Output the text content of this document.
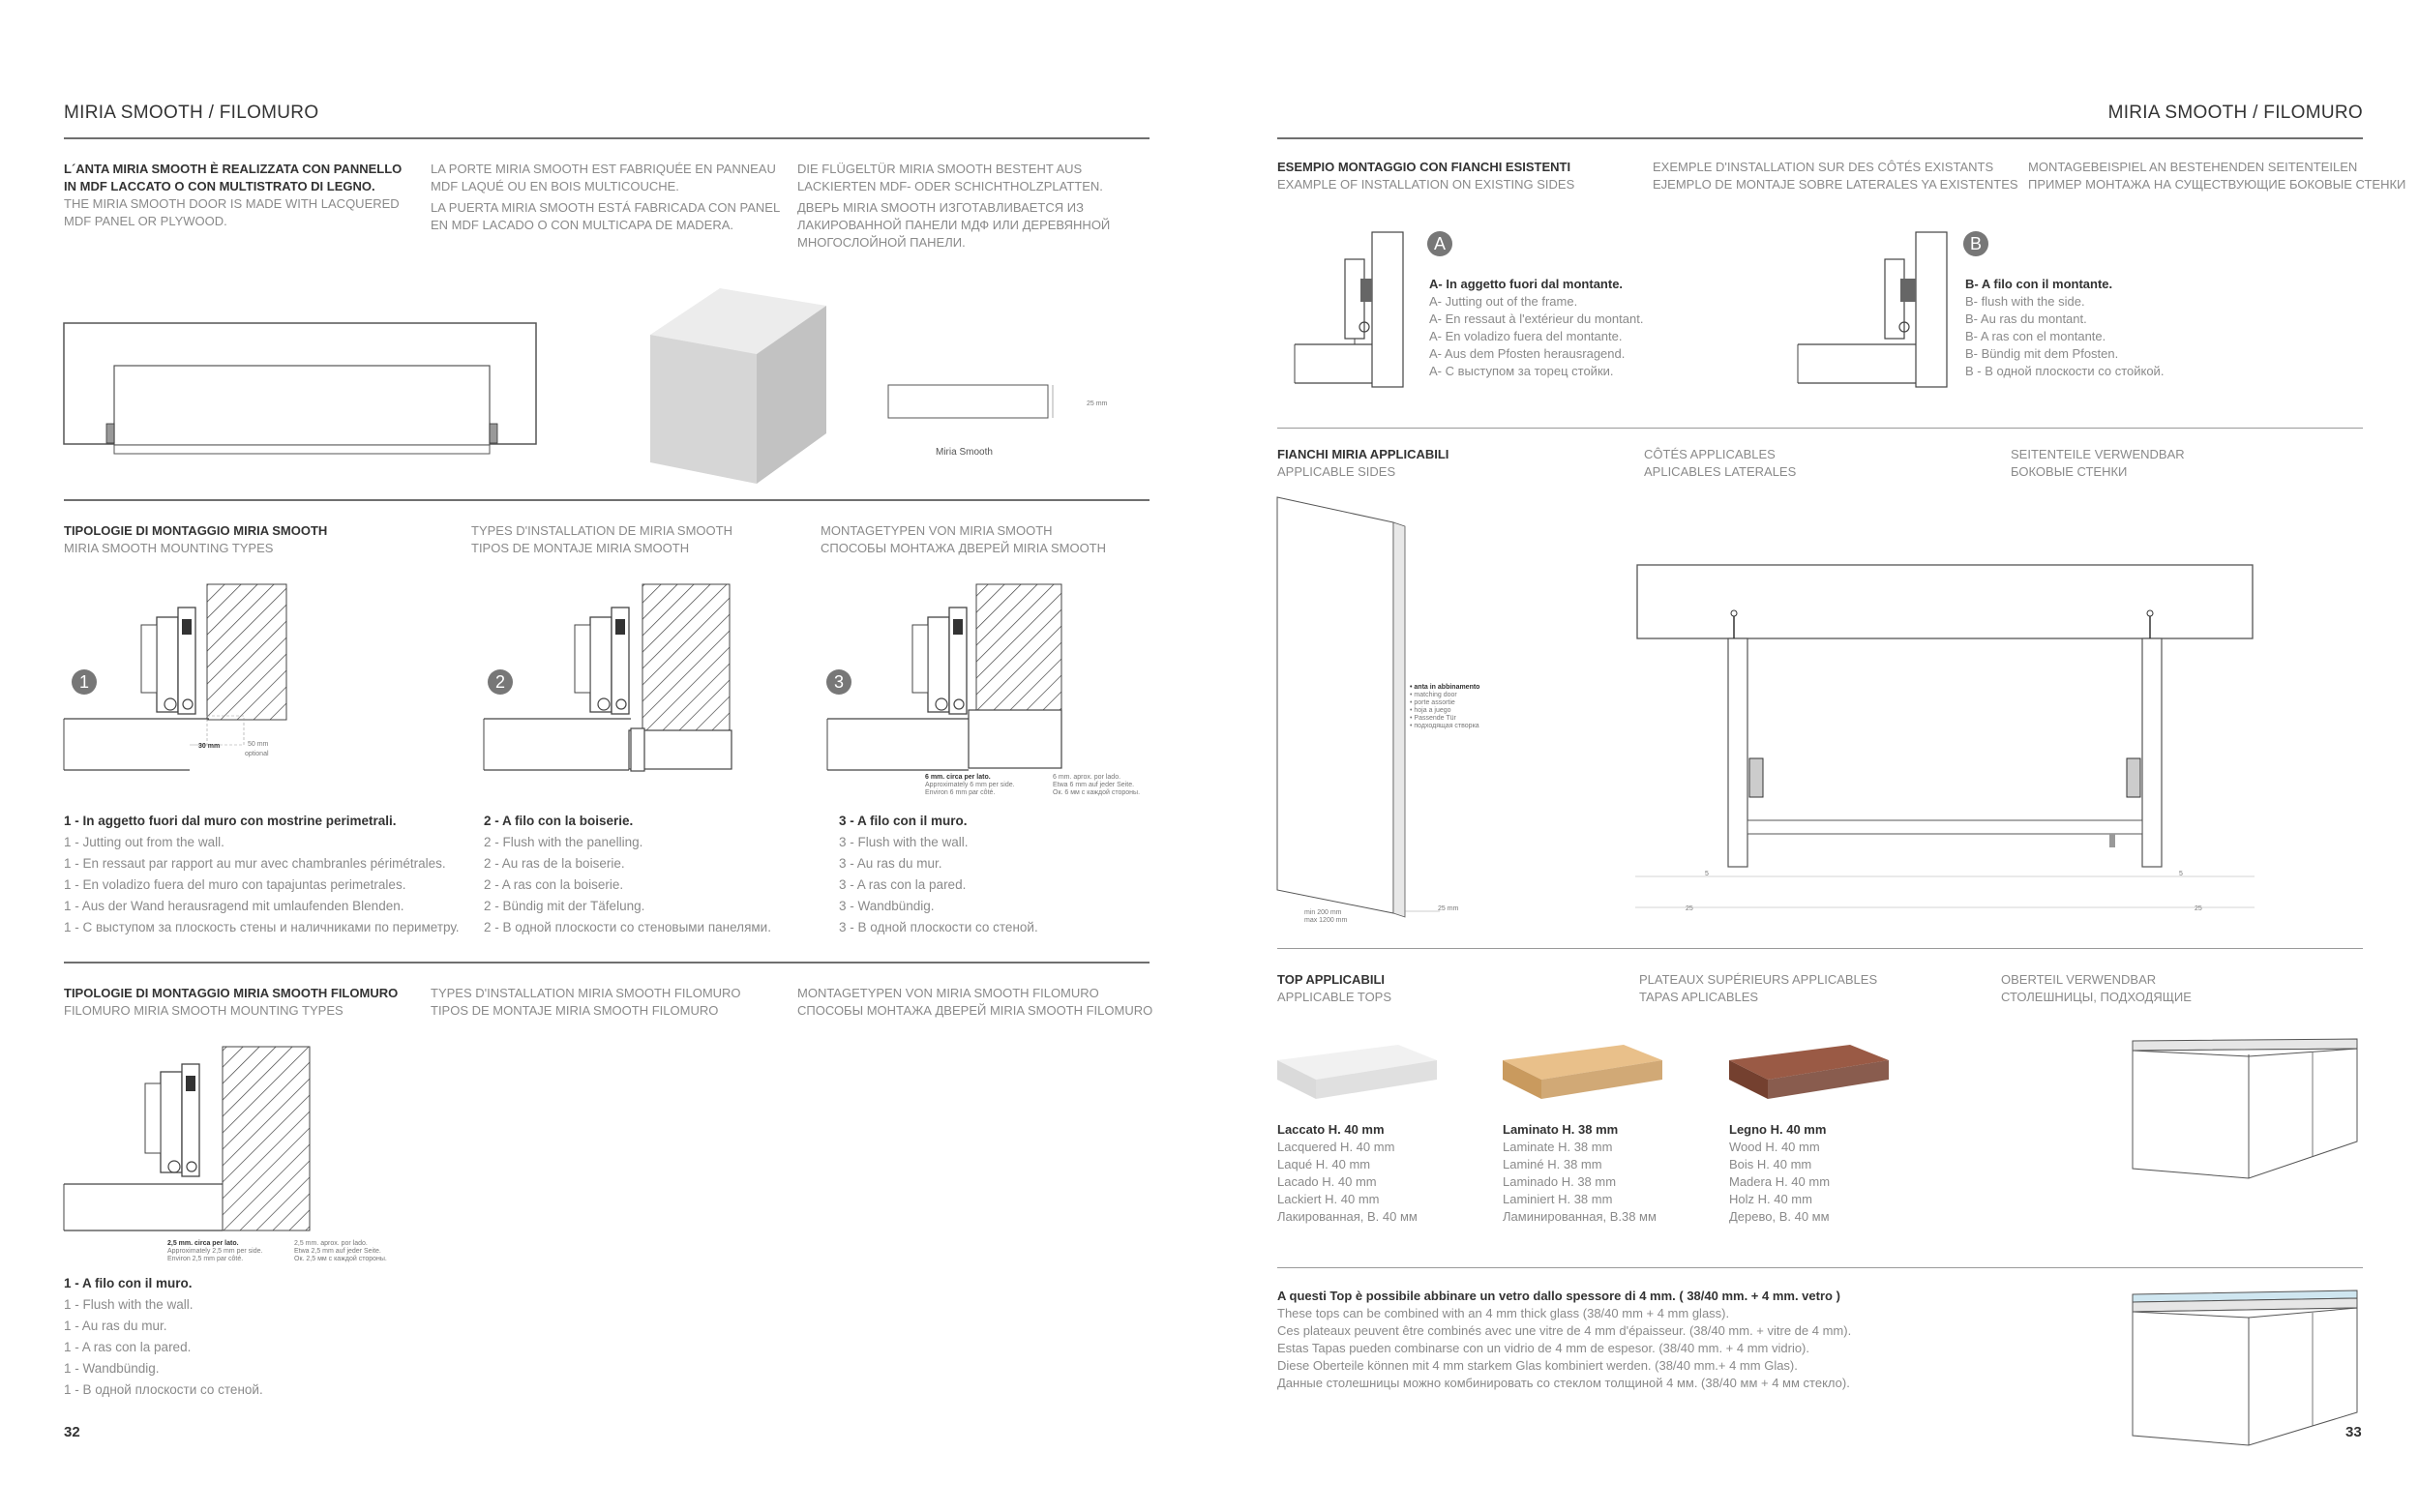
MIRIA SMOOTH / FILOMURO
L´ANTA MIRIA SMOOTH È REALIZZATA CON PANNELLO
IN MDF LACCATO O CON MULTISTRATO DI LEGNO.
THE MIRIA SMOOTH DOOR IS MADE WITH LACQUERED
MDF PANEL OR PLYWOOD.
LA PORTE MIRIA SMOOTH EST FABRIQUÉE EN PANNEAU
MDF LAQUÉ OU EN BOIS MULTICOUCHE.
LA PUERTA MIRIA SMOOTH ESTÁ FABRICADA CON PANEL
EN MDF LACADO O CON MULTICAPA DE MADERA.
DIE FLÜGELTÜR MIRIA SMOOTH BESTEHT AUS
LACKIERTEN MDF- ODER SCHICHTHOLZPLATTEN.
ДВЕРЬ MIRIA SMOOTH ИЗГОТАВЛИВАЕТСЯ ИЗ
ЛАКИРОВАННОЙ ПАНЕЛИ МДФ ИЛИ ДЕРЕВЯННОЙ
МНОГОСЛОЙНОЙ ПАНЕЛИ.
25 mm
Miria Smooth
TIPOLOGIE DI MONTAGGIO MIRIA SMOOTH
MIRIA SMOOTH MOUNTING TYPES
TYPES D'INSTALLATION DE MIRIA SMOOTH
TIPOS DE MONTAJE MIRIA SMOOTH
MONTAGETYPEN VON MIRIA SMOOTH
СПОСОБЫ МОНТАЖА ДВЕРЕЙ MIRIA SMOOTH
1
30 mm	50 mm
optional
2	3
6 mm. circa per lato.
Approximately 6 mm per side.
Environ 6 mm par côté.
6 mm. aprox. por lado.
Etwa 6 mm auf jeder Seite.
Ок. 6 мм с каждой стороны.
1 - In aggetto fuori dal muro con mostrine perimetrali.
1 - Jutting out from the wall.
1 - En ressaut par rapport au mur avec chambranles périmétrales.
1 - En voladizo fuera del muro con tapajuntas perimetrales.
1 - Aus der Wand herausragend mit umlaufenden Blenden.
1 - С выступом за плоскость стены и наличниками по периметру.
2 - A filo con la boiserie.
2 - Flush with the panelling.
2 - Au ras de la boiserie.
2 - A ras con la boiserie.
2 - Bündig mit der Täfelung.
2 - В одной плоскости со стеновыми панелями.
3 - A filo con il muro.
3 - Flush with the wall.
3 - Au ras du mur.
3 - A ras con la pared.
3 - Wandbündig.
3 - В одной плоскости со стеной.
TIPOLOGIE DI MONTAGGIO MIRIA SMOOTH FILOMURO
FILOMURO MIRIA SMOOTH MOUNTING TYPES
TYPES D'INSTALLATION MIRIA SMOOTH FILOMURO
TIPOS DE MONTAJE MIRIA SMOOTH FILOMURO
MONTAGETYPEN VON MIRIA SMOOTH FILOMURO
СПОСОБЫ МОНТАЖА ДВЕРЕЙ MIRIA SMOOTH FILOMURO
2,5 mm. circa per lato.
Approximately 2,5 mm per side.
Environ 2,5 mm par côté.
2,5 mm. aprox. por lado.
Etwa 2,5 mm auf jeder Seite.
Ок. 2,5 мм с каждой стороны.
1 - A filo con il muro.
1 - Flush with the wall.
1 - Au ras du mur.
1 - A ras con la pared.
1 - Wandbündig.
1 - В одной плоскости со стеной.
32
MIRIA SMOOTH / FILOMURO
ESEMPIO MONTAGGIO CON FIANCHI ESISTENTI
EXAMPLE OF INSTALLATION ON EXISTING SIDES
EXEMPLE D'INSTALLATION SUR DES CÔTÉS EXISTANTS
EJEMPLO DE MONTAJE SOBRE LATERALES YA EXISTENTES
MONTAGEBEISPIEL AN BESTEHENDEN SEITENTEILEN
ПРИМЕР МОНТАЖА НА СУЩЕСТВУЮЩИЕ БОКОВЫЕ СТЕНКИ
A
A- In aggetto fuori dal montante.
A- Jutting out of the frame.
A- En ressaut à l'extérieur du montant.
A- En voladizo fuera del montante.
A- Aus dem Pfosten herausragend.
A- С выступом за торец стойки.
B
B- A filo con il montante.
B- flush with the side.
B- Au ras du montant.
B- A ras con el montante.
B- Bündig mit dem Pfosten.
B - В одной плоскости со стойкой.
FIANCHI MIRIA APPLICABILI
APPLICABLE SIDES
CÔTÉS APPLICABLES
APLICABLES LATERALES
SEITENTEILE VERWENDBAR
БОКОВЫЕ СТЕНКИ
• anta in abbinamento
• matching door
• porte assortie
• hoja a juego
• Passende Tür
• подходящая створка
25 mm
min 200 mm
max 1200 mm
5	5
25	25
TOP APPLICABILI
APPLICABLE TOPS
PLATEAUX SUPÉRIEURS APPLICABLES
TAPAS APLICABLES
OBERTEIL VERWENDBAR
СТОЛЕШНИЦЫ, ПОДХОДЯЩИЕ
Laccato H. 40 mm
Lacquered H. 40 mm
Laqué H. 40 mm
Lacado H. 40 mm
Lackiert H. 40 mm
Лакированная, В. 40 мм
Laminato H. 38 mm
Laminate H. 38 mm
Laminé H. 38 mm
Laminado H. 38 mm
Laminiert H. 38 mm
Ламинированная, В.38 мм
Legno H. 40 mm
Wood H. 40 mm
Bois H. 40 mm
Madera H. 40 mm
Holz H. 40 mm
Дерево, В. 40 мм
A questi Top è possibile abbinare un vetro dallo spessore di 4 mm. ( 38/40 mm. + 4 mm. vetro )
These tops can be combined with an 4 mm thick glass (38/40 mm + 4 mm glass).
Ces plateaux peuvent être combinés avec une vitre de 4 mm d'épaisseur. (38/40 mm. + vitre de 4 mm).
Estas Tapas pueden combinarse con un vidrio de 4 mm de espesor. (38/40 mm. + 4 mm vidrio).
Diese Oberteile können mit 4 mm starkem Glas kombiniert werden. (38/40 mm.+ 4 mm Glas).
Данные столешницы можно комбинировать со стеклом толщиной 4 мм. (38/40 мм + 4 мм стекло).
33
